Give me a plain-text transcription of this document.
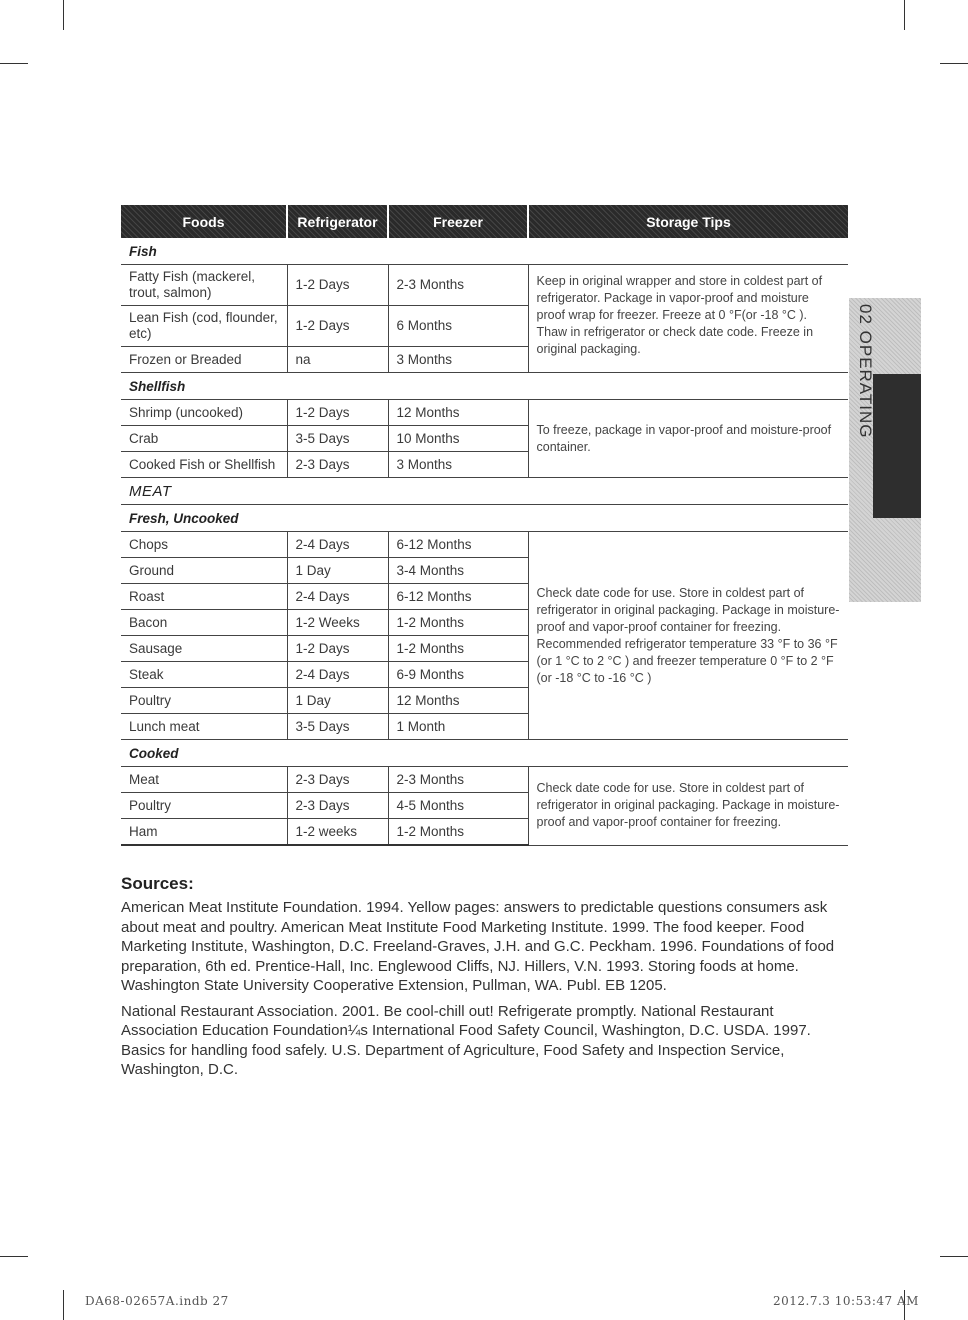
Foods	Refrigerator	Freezer	Storage Tips
Fish			
Fatty Fish (mackerel, trout, salmon)	1-2 Days	2-3 Months	Keep in original wrapper and store in coldest part of refrigerator. Package in vapor-proof and moisture proof wrap for freezer. Freeze at 0 °F(or -18 °C ). Thaw in refrigerator or check date code. Freeze in original packaging.
Lean Fish (cod, flounder, etc)	1-2 Days	6 Months	
Frozen or Breaded	na	3 Months	
Shellfish			
Shrimp (uncooked)	1-2 Days	12 Months	To freeze, package in vapor-proof and moisture-proof container.
Crab	3-5 Days	10 Months	
Cooked Fish or Shellfish	2-3 Days	3 Months	
MEAT			
Fresh, Uncooked			
Chops	2-4 Days	6-12 Months	Check date code for use. Store in coldest part of refrigerator in original packaging. Package in moisture-proof and vapor-proof container for freezing. Recommended refrigerator temperature 33 °F to 36 °F (or 1 °C to 2 °C ) and freezer temperature 0 °F to 2 °F (or -18 °C to -16 °C )
Ground	1 Day	3-4 Months	
Roast	2-4 Days	6-12 Months	
Bacon	1-2 Weeks	1-2 Months	
Sausage	1-2 Days	1-2 Months	
Steak	2-4 Days	6-9 Months	
Poultry	1 Day	12 Months	
Lunch meat	3-5 Days	1 Month	
Cooked			
Meat	2-3 Days	2-3 Months	Check date code for use. Store in coldest part of refrigerator in original packaging. Package in moisture-proof and vapor-proof container for freezing.
Poultry	2-3 Days	4-5 Months	
Ham	1-2 weeks	1-2 Months	
02 OPERATING
Sources:

American Meat Institute Foundation. 1994. Yellow pages: answers to predictable questions consumers ask about meat and poultry. American Meat Institute Food Marketing Institute. 1999. The food keeper. Food Marketing Institute, Washington, D.C. Freeland-Graves, J.H. and G.C. Peckham. 1996. Foundations of food preparation, 6th ed. Prentice-Hall, Inc. Englewood Cliffs, NJ. Hillers, V.N. 1993. Storing foods at home. Washington State University Cooperative Extension, Pullman, WA. Publ. EB 1205.

National Restaurant Association. 2001. Be cool-chill out! Refrigerate promptly. National Restaurant Association Education Foundation¼s International Food Safety Council, Washington, D.C. USDA. 1997. Basics for handling food safely. U.S. Department of Agriculture, Food Safety and Inspection Service, Washington, D.C.

DA68-02657A.indb 27	2012.7.3 10:53:47 AM
